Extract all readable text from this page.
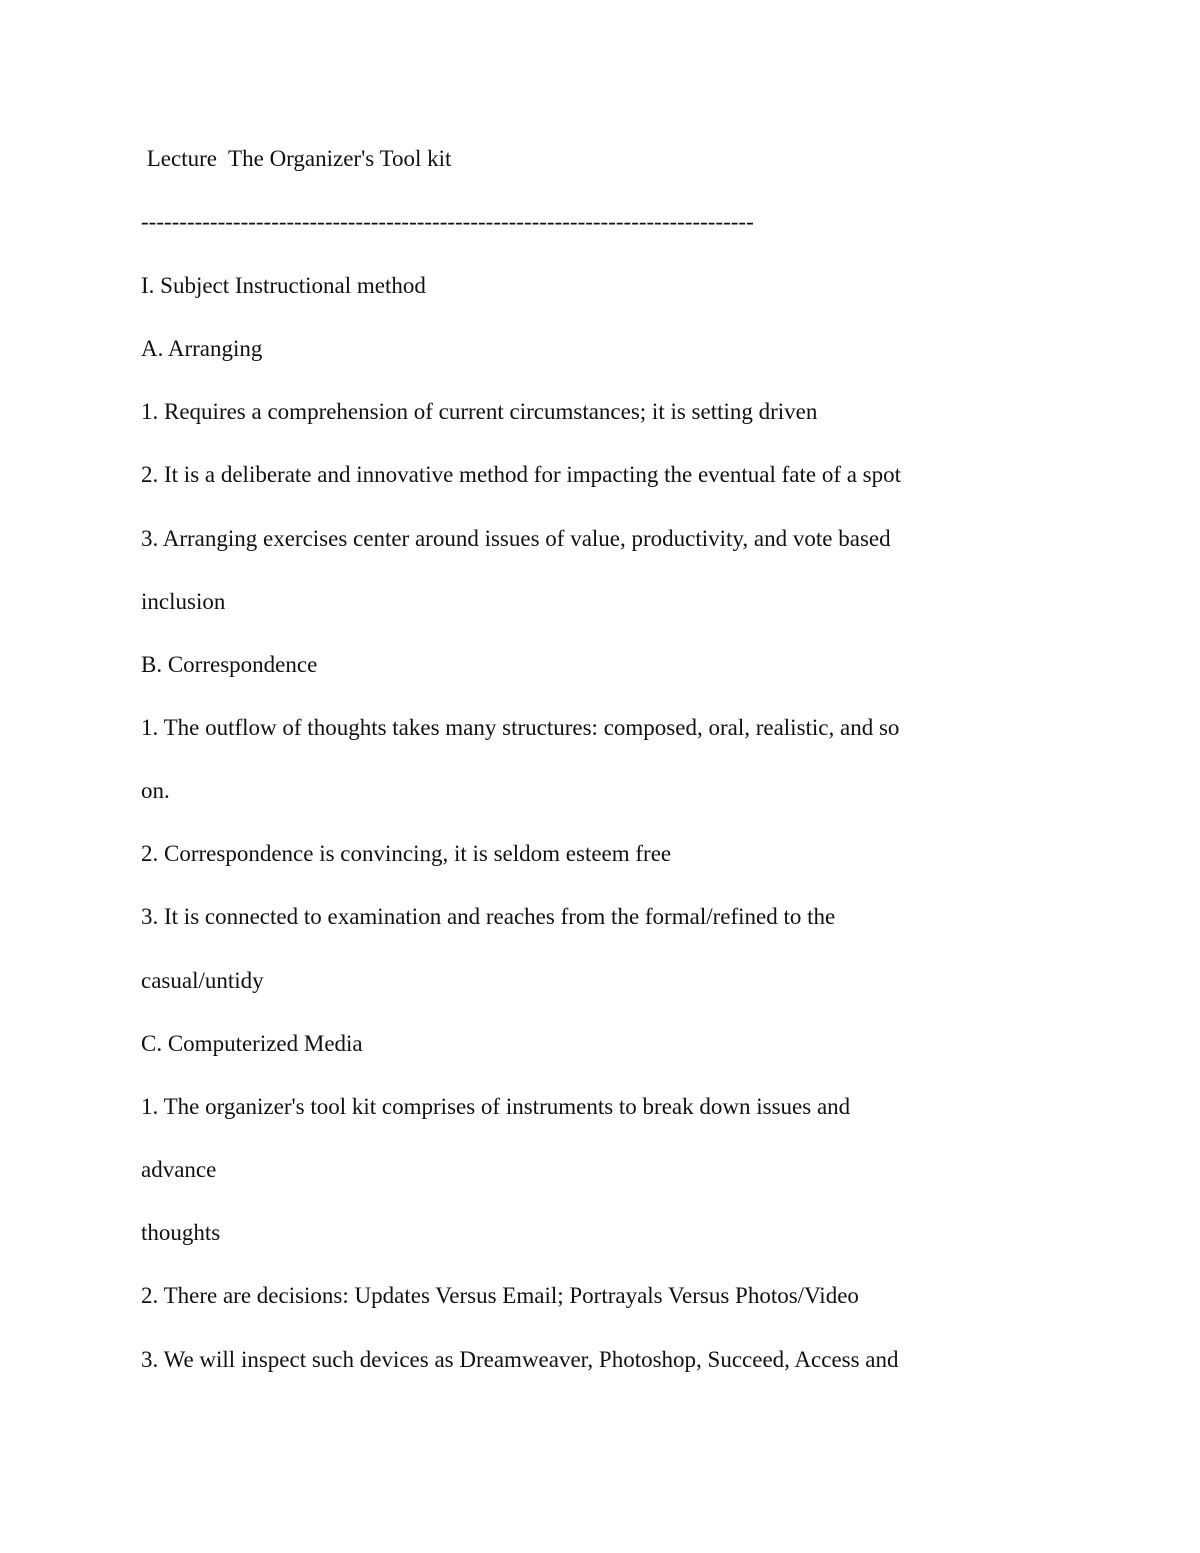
Lecture  The Organizer's Tool kit

--------------------------------------------------------------------------------

I. Subject Instructional method

A. Arranging

1. Requires a comprehension of current circumstances; it is setting driven

2. It is a deliberate and innovative method for impacting the eventual fate of a spot

3. Arranging exercises center around issues of value, productivity, and vote based

inclusion

B. Correspondence

1. The outflow of thoughts takes many structures: composed, oral, realistic, and so

on.

2. Correspondence is convincing, it is seldom esteem free

3. It is connected to examination and reaches from the formal/refined to the

casual/untidy

C. Computerized Media

1. The organizer's tool kit comprises of instruments to break down issues and

advance

thoughts

2. There are decisions: Updates Versus Email; Portrayals Versus Photos/Video

3. We will inspect such devices as Dreamweaver, Photoshop, Succeed, Access and
